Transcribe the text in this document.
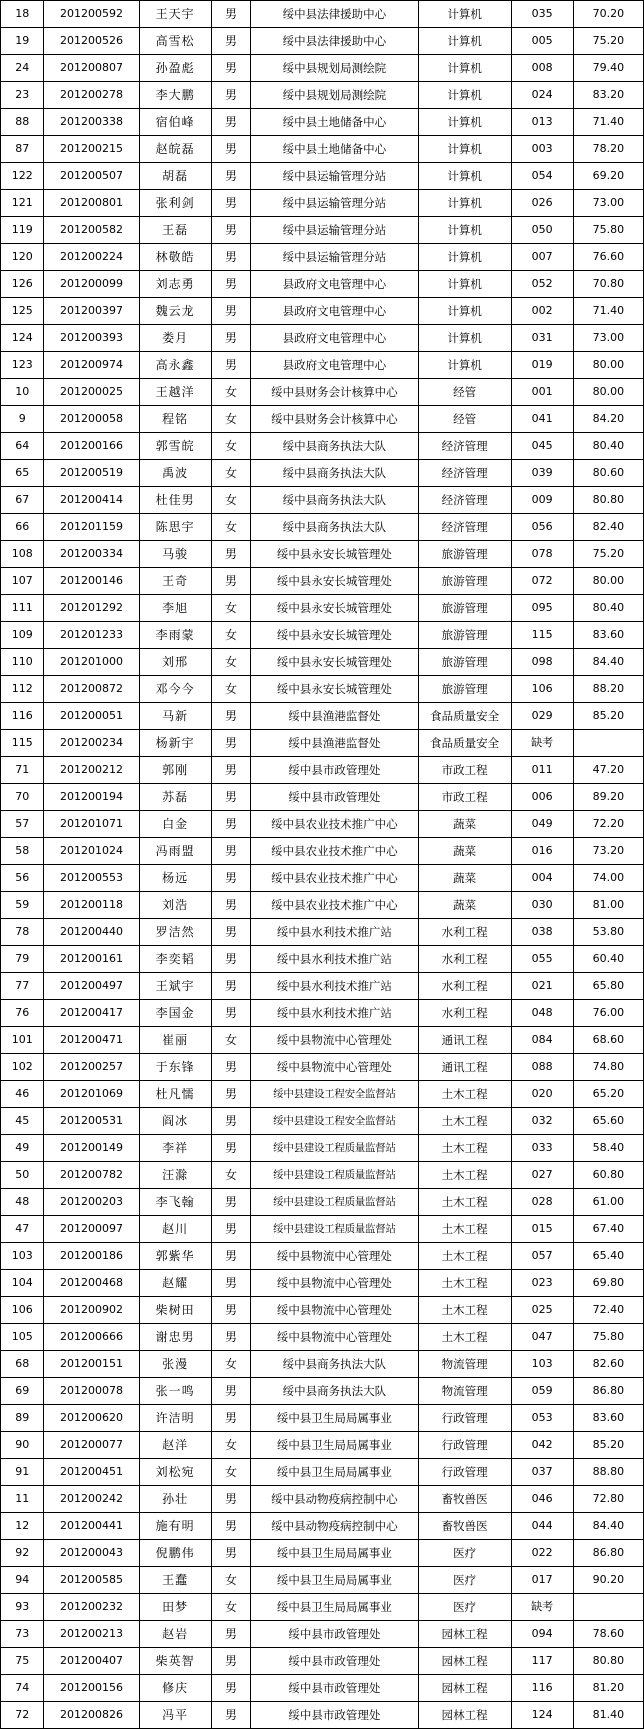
18	201200592	王天宇	男	绥中县法律援助中心	计算机	035	70.20
19	201200526	高雪松	男	绥中县法律援助中心	计算机	005	75.20
24	201200807	孙盈彪	男	绥中县规划局测绘院	计算机	008	79.40
23	201200278	李大鹏	男	绥中县规划局测绘院	计算机	024	83.20
88	201200338	宿伯峰	男	绥中县土地储备中心	计算机	013	71.40
87	201200215	赵皖磊	男	绥中县土地储备中心	计算机	003	78.20
122	201200507	胡磊	男	绥中县运输管理分站	计算机	054	69.20
121	201200801	张利剑	男	绥中县运输管理分站	计算机	026	73.00
119	201200582	王磊	男	绥中县运输管理分站	计算机	050	75.80
120	201200224	林敬皓	男	绥中县运输管理分站	计算机	007	76.60
126	201200099	刘志勇	男	县政府文电管理中心	计算机	052	70.80
125	201200397	魏云龙	男	县政府文电管理中心	计算机	002	71.40
124	201200393	娄月	男	县政府文电管理中心	计算机	031	73.00
123	201200974	高永鑫	男	县政府文电管理中心	计算机	019	80.00
10	201200025	王越洋	女	绥中县财务会计核算中心	经管	001	80.00
9	201200058	程铭	女	绥中县财务会计核算中心	经管	041	84.20
64	201200166	郭雪皖	女	绥中县商务执法大队	经济管理	045	80.40
65	201200519	禹波	女	绥中县商务执法大队	经济管理	039	80.60
67	201200414	杜佳男	女	绥中县商务执法大队	经济管理	009	80.80
66	201201159	陈思宇	女	绥中县商务执法大队	经济管理	056	82.40
108	201200334	马骏	男	绥中县永安长城管理处	旅游管理	078	75.20
107	201200146	王奇	男	绥中县永安长城管理处	旅游管理	072	80.00
111	201201292	李旭	女	绥中县永安长城管理处	旅游管理	095	80.40
109	201201233	李雨蒙	女	绥中县永安长城管理处	旅游管理	115	83.60
110	201201000	刘邢	女	绥中县永安长城管理处	旅游管理	098	84.40
112	201200872	邓今今	女	绥中县永安长城管理处	旅游管理	106	88.20
116	201200051	马新	男	绥中县渔港监督处	食品质量安全	029	85.20
115	201200234	杨新宇	男	绥中县渔港监督处	食品质量安全	缺考	
71	201200212	郭刚	男	绥中县市政管理处	市政工程	011	47.20
70	201200194	苏磊	男	绥中县市政管理处	市政工程	006	89.20
57	201201071	白金	男	绥中县农业技术推广中心	蔬菜	049	72.20
58	201201024	冯雨盟	男	绥中县农业技术推广中心	蔬菜	016	73.20
56	201200553	杨远	男	绥中县农业技术推广中心	蔬菜	004	74.00
59	201200118	刘浩	男	绥中县农业技术推广中心	蔬菜	030	81.00
78	201200440	罗洁然	男	绥中县水利技术推广站	水利工程	038	53.80
79	201200161	李奕韬	男	绥中县水利技术推广站	水利工程	055	60.40
77	201200497	王斌宇	男	绥中县水利技术推广站	水利工程	021	65.80
76	201200417	李国金	男	绥中县水利技术推广站	水利工程	048	76.00
101	201200471	崔丽	女	绥中县物流中心管理处	通讯工程	084	68.60
102	201200257	于东锋	男	绥中县物流中心管理处	通讯工程	088	74.80
46	201201069	杜凡懦	男	绥中县建设工程安全监督站	土木工程	020	65.20
45	201200531	阎冰	男	绥中县建设工程安全监督站	土木工程	032	65.60
49	201200149	李祥	男	绥中县建设工程质量监督站	土木工程	033	58.40
50	201200782	汪滁	女	绥中县建设工程质量监督站	土木工程	027	60.80
48	201200203	李飞翰	男	绥中县建设工程质量监督站	土木工程	028	61.00
47	201200097	赵川	男	绥中县建设工程质量监督站	土木工程	015	67.40
103	201200186	郭紫华	男	绥中县物流中心管理处	土木工程	057	65.40
104	201200468	赵耀	男	绥中县物流中心管理处	土木工程	023	69.80
106	201200902	柴树田	男	绥中县物流中心管理处	土木工程	025	72.40
105	201200666	谢忠男	男	绥中县物流中心管理处	土木工程	047	75.80
68	201200151	张漫	女	绥中县商务执法大队	物流管理	103	82.60
69	201200078	张一鸣	男	绥中县商务执法大队	物流管理	059	86.80
89	201200620	许洁明	男	绥中县卫生局局属事业	行政管理	053	83.60
90	201200077	赵洋	女	绥中县卫生局局属事业	行政管理	042	85.20
91	201200451	刘松宛	女	绥中县卫生局局属事业	行政管理	037	88.80
11	201200242	孙壮	男	绥中县动物疫病控制中心	畜牧兽医	046	72.80
12	201200441	施有明	男	绥中县动物疫病控制中心	畜牧兽医	044	84.40
92	201200043	倪鹏伟	男	绥中县卫生局局属事业	医疗	022	86.80
94	201200585	王蠢	女	绥中县卫生局局属事业	医疗	017	90.20
93	201200232	田梦	女	绥中县卫生局局属事业	医疗	缺考	
73	201200213	赵岩	男	绥中县市政管理处	园林工程	094	78.60
75	201200407	柴英智	男	绥中县市政管理处	园林工程	117	80.80
74	201200156	修庆	男	绥中县市政管理处	园林工程	116	81.20
72	201200826	冯平	男	绥中县市政管理处	园林工程	124	81.40
